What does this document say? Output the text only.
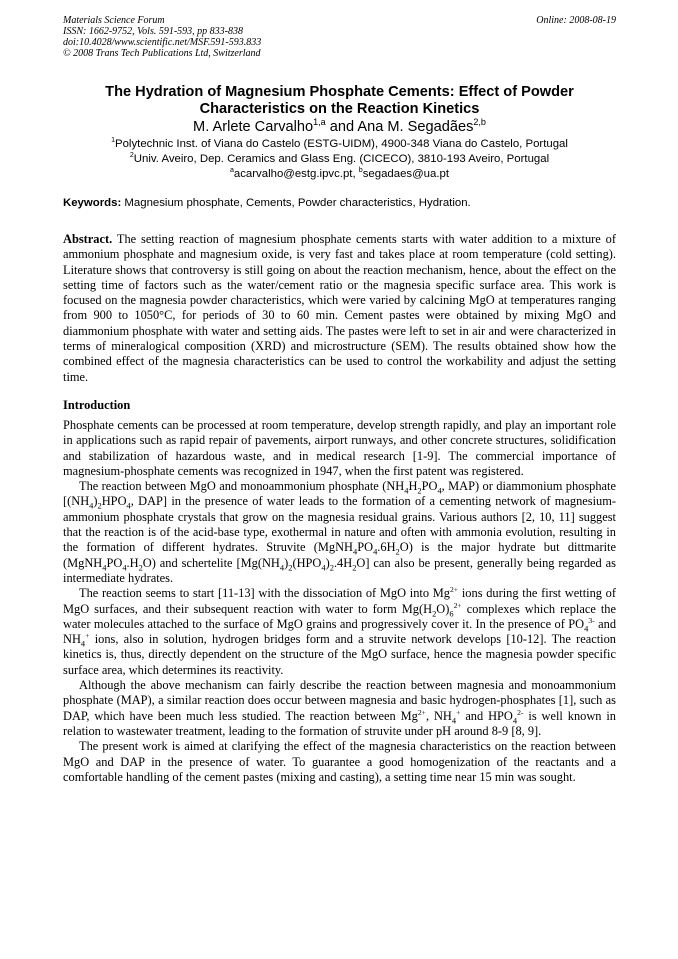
Materials Science Forum
ISSN: 1662-9752, Vols. 591-593, pp 833-838
doi:10.4028/www.scientific.net/MSF.591-593.833
© 2008 Trans Tech Publications Ltd, Switzerland
Online: 2008-08-19
The Hydration of Magnesium Phosphate Cements: Effect of Powder
Characteristics on the Reaction Kinetics
M. Arlete Carvalho$^{1,a}$ and Ana M. Segadães$^{2,b}$
$^1$Polytechnic Inst. of Viana do Castelo (ESTG-UIDM), 4900-348 Viana do Castelo, Portugal
$^2$Univ. Aveiro, Dep. Ceramics and Glass Eng. (CICECO), 3810-193 Aveiro, Portugal
$^a$acarvalho@estg.ipvc.pt, $^b$segadaes@ua.pt
Keywords: Magnesium phosphate, Cements, Powder characteristics, Hydration.

Abstract. The setting reaction of magnesium phosphate cements starts with water addition to a mixture of ammonium phosphate and magnesium oxide, is very fast and takes place at room temperature (cold setting). Literature shows that controversy is still going on about the reaction mechanism, hence, about the effect on the setting time of factors such as the water/cement ratio or the magnesia specific surface area. This work is focused on the magnesia powder characteristics, which were varied by calcining MgO at temperatures ranging from 900 to 1050°C, for periods of 30 to 60 min. Cement pastes were obtained by mixing MgO and diammonium phosphate with water and setting aids. The pastes were left to set in air and were characterized in terms of mineralogical composition (XRD) and microstructure (SEM). The results obtained show how the combined effect of the magnesia characteristics can be used to control the workability and adjust the setting time.

Introduction

Phosphate cements can be processed at room temperature, develop strength rapidly, and play an important role in applications such as rapid repair of pavements, airport runways, and other concrete structures, solidification and stabilization of hazardous waste, and in medical research [1-9]. The commercial importance of magnesium-phosphate cements was recognized in 1947, when the first patent was registered.

The reaction between MgO and monoammonium phosphate ($NH_4H_2PO_4$, MAP) or diammonium phosphate [$(NH_4)_2HPO_4$, DAP] in the presence of water leads to the formation of a cementing network of magnesium-ammonium phosphate crystals that grow on the magnesia residual grains. Various authors [2, 10, 11] suggest that the reaction is of the acid-base type, exothermal in nature and often with ammonia evolution, resulting in the formation of different hydrates. Struvite $(MgNH_4PO_4.6H_2O)$ is the major hydrate but dittmarite $(MgNH_4PO_4.H_2O)$ and schertelite $[Mg(NH_4)_2(HPO_4)_2.4H_2O]$ can also be present, generally being regarded as intermediate hydrates.

The reaction seems to start [11-13] with the dissociation of MgO into $Mg^{2+}$ ions during the first wetting of MgO surfaces, and their subsequent reaction with water to form $Mg(H_2O)_6^{2+}$ complexes which replace the water molecules attached to the surface of MgO grains and progressively cover it. In the presence of $PO_4^{3-}$ and $NH_4^+$ ions, also in solution, hydrogen bridges form and a struvite network develops [10-12]. The reaction kinetics is, thus, directly dependent on the structure of the MgO surface, hence the magnesia powder specific surface area, which determines its reactivity.

Although the above mechanism can fairly describe the reaction between magnesia and monoammonium phosphate (MAP), a similar reaction does occur between magnesia and basic hydrogen-phosphates [1], such as DAP, which have been much less studied. The reaction between $Mg^{2+}$, $NH_4^+$ and $HPO_4^{2-}$ is well known in relation to wastewater treatment, leading to the formation of struvite under pH around 8-9 [8, 9].

The present work is aimed at clarifying the effect of the magnesia characteristics on the reaction between MgO and DAP in the presence of water. To guarantee a good homogenization of the reactants and a comfortable handling of the cement pastes (mixing and casting), a setting time near 15 min was sought.
